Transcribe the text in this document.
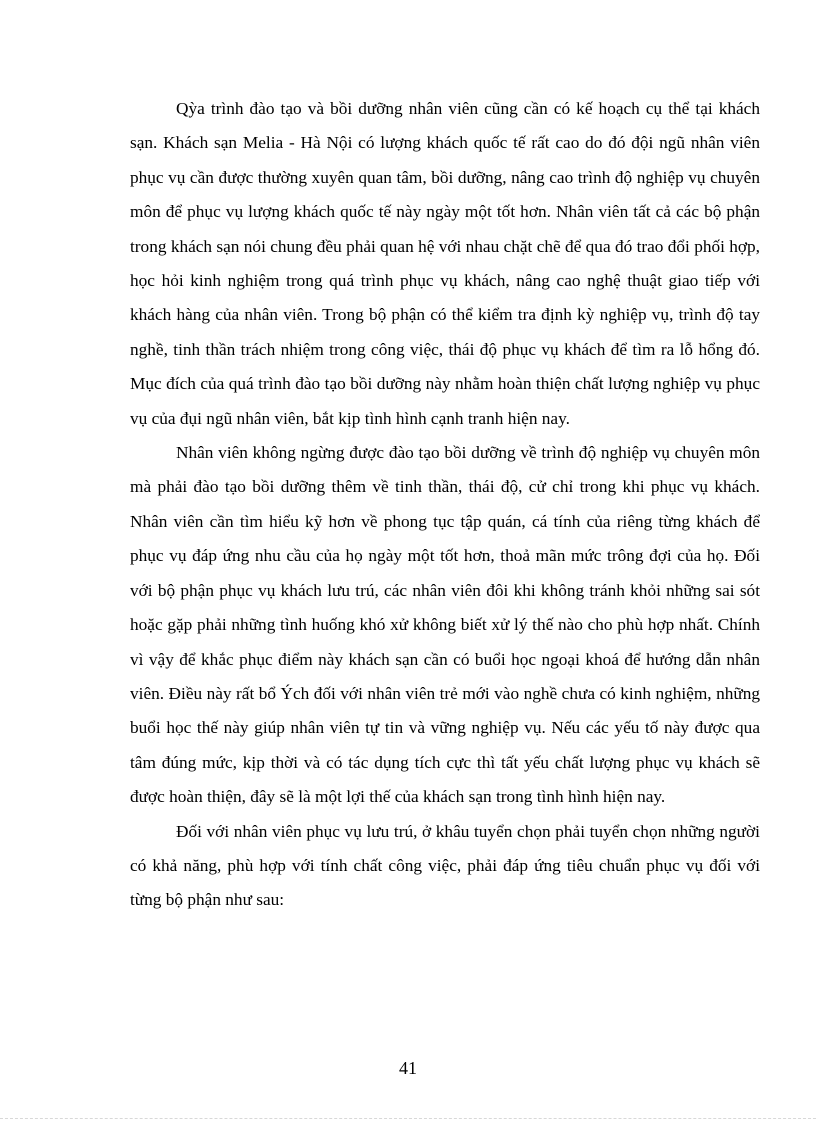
Qỳa trình đào tạo và bồi dưỡng nhân viên cũng cần có kế hoạch cụ thể tại khách sạn. Khách sạn Melia - Hà Nội có lượng khách quốc tế rất cao do đó đội ngũ nhân viên phục vụ cần được thường xuyên quan tâm, bồi dưỡng, nâng cao trình độ nghiệp vụ chuyên môn để phục vụ lượng khách quốc tế này ngày một tốt hơn. Nhân viên tất cả các bộ phận trong khách sạn nói chung đều phải quan hệ với nhau chặt chẽ để qua đó trao đổi phối hợp, học hỏi kinh nghiệm trong quá trình phục vụ khách, nâng cao nghệ thuật giao tiếp với khách hàng của nhân viên. Trong bộ phận có thể kiểm tra định kỳ nghiệp vụ, trình độ tay nghề, tinh thần trách nhiệm trong công việc, thái độ phục vụ khách để tìm ra lỗ hổng đó. Mục đích của quá trình đào tạo bồi dưỡng này nhằm hoàn thiện chất lượng nghiệp vụ phục vụ của đụi ngũ nhân viên, bắt kịp tình hình cạnh tranh hiện nay.

Nhân viên không ngừng được đào tạo bồi dưỡng về trình độ nghiệp vụ chuyên môn mà phải đào tạo bồi dưỡng thêm về tinh thần, thái độ, cử chỉ trong khi phục vụ khách. Nhân viên cần tìm hiểu kỹ hơn về phong tục tập quán, cá tính của riêng từng khách để phục vụ đáp ứng nhu cầu của họ ngày một tốt hơn, thoả mãn mức trông đợi của họ. Đối với bộ phận phục vụ khách lưu trú, các nhân viên đôi khi không tránh khỏi những sai sót hoặc gặp phải những tình huống khó xử không biết xử lý thế nào cho phù hợp nhất. Chính vì vậy để khắc phục điểm này khách sạn cần có buổi học ngoại khoá để hướng dẫn nhân viên. Điều này rất bổ Ých đối với nhân viên trẻ mới vào nghề chưa có kinh nghiệm, những buổi học thế này giúp nhân viên tự tin và vững nghiệp vụ. Nếu các yếu tố này được qua tâm đúng mức, kịp thời và có tác dụng tích cực thì tất yếu chất lượng phục vụ khách sẽ được hoàn thiện, đây sẽ là một lợi thế của khách sạn trong tình hình hiện nay.

Đối với nhân viên phục vụ lưu trú, ở khâu tuyển chọn phải tuyển chọn những người có khả năng, phù hợp với tính chất công việc, phải đáp ứng tiêu chuẩn phục vụ đối với từng bộ phận như sau:

41
